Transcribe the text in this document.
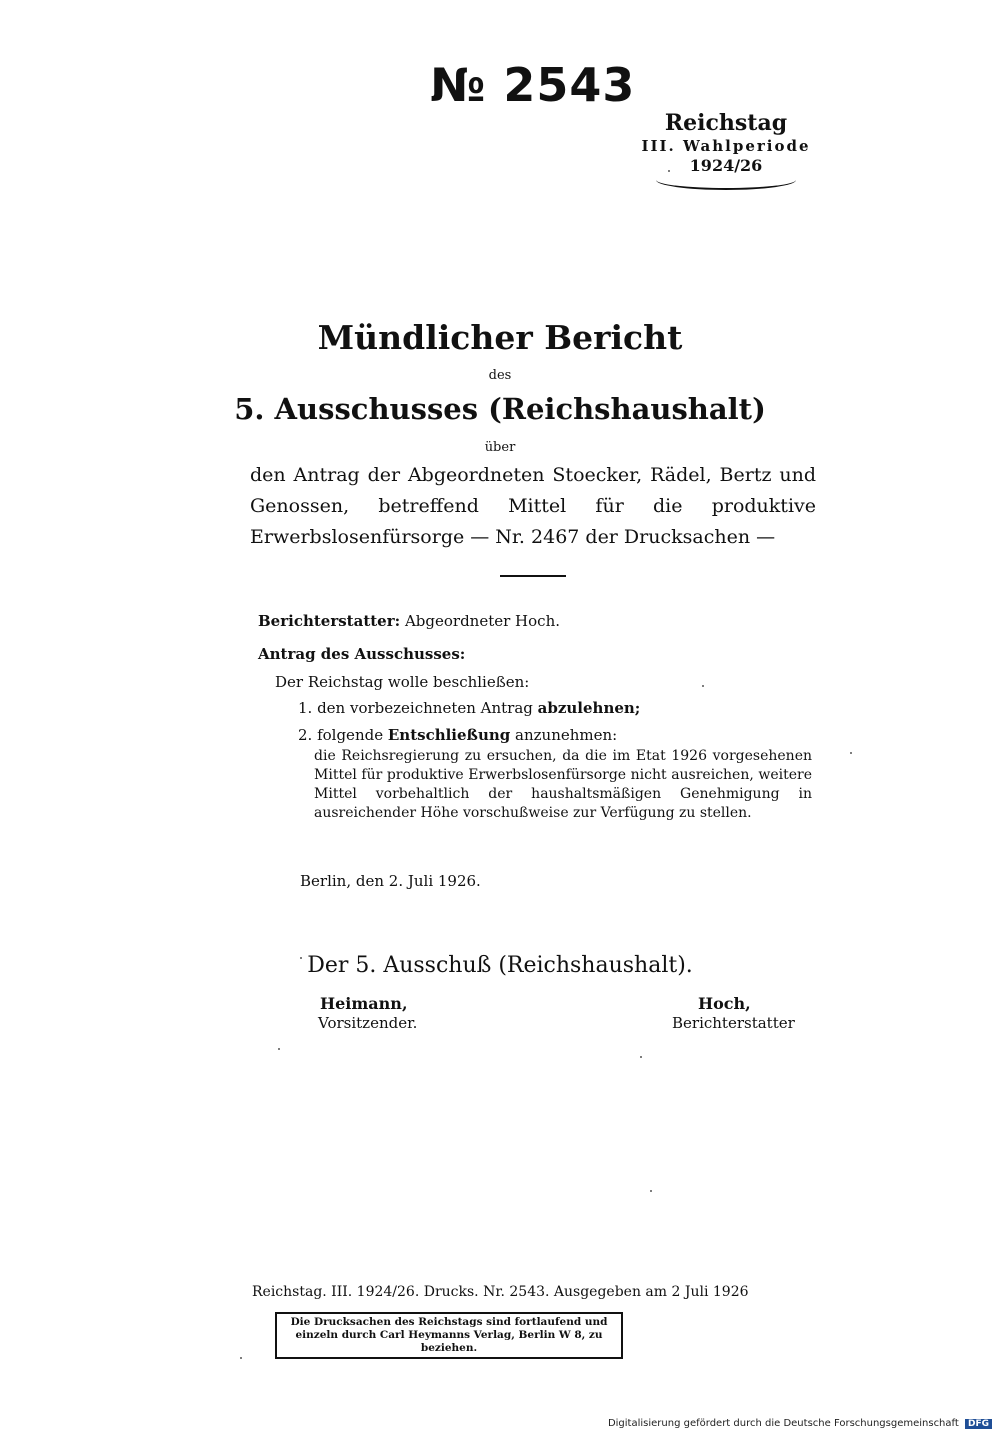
№ 2543
Reichstag
III. Wahlperiode
1924/26
Mündlicher Bericht
des
5. Ausschusses (Reichshaushalt)
über
den Antrag der Abgeordneten Stoecker, Rädel, Bertz und Genossen, betreffend Mittel für die produktive Erwerbslosenfürsorge — Nr. 2467 der Drucksachen —
Berichterstatter: Abgeordneter Hoch.
Antrag des Ausschusses:
Der Reichstag wolle beschließen:
1. den vorbezeichneten Antrag abzulehnen;
2. folgende Entschließung anzunehmen:
die Reichsregierung zu ersuchen, da die im Etat 1926 vorgesehenen Mittel für produktive Erwerbslosenfürsorge nicht ausreichen, weitere Mittel vorbehaltlich der haushaltsmäßigen Genehmigung in ausreichender Höhe vorschußweise zur Verfügung zu stellen.
Berlin, den 2. Juli 1926.
Der 5. Ausschuß (Reichshaushalt).
Heimann,
Vorsitzender.
Hoch,
Berichterstatter
Reichstag. III. 1924/26. Drucks. Nr. 2543. Ausgegeben am 2 Juli 1926
Die Drucksachen des Reichstags sind fortlaufend und einzeln durch Carl Heymanns Verlag, Berlin W 8, zu beziehen.
Digitalisierung gefördert durch die Deutsche Forschungsgemeinschaft DFG
